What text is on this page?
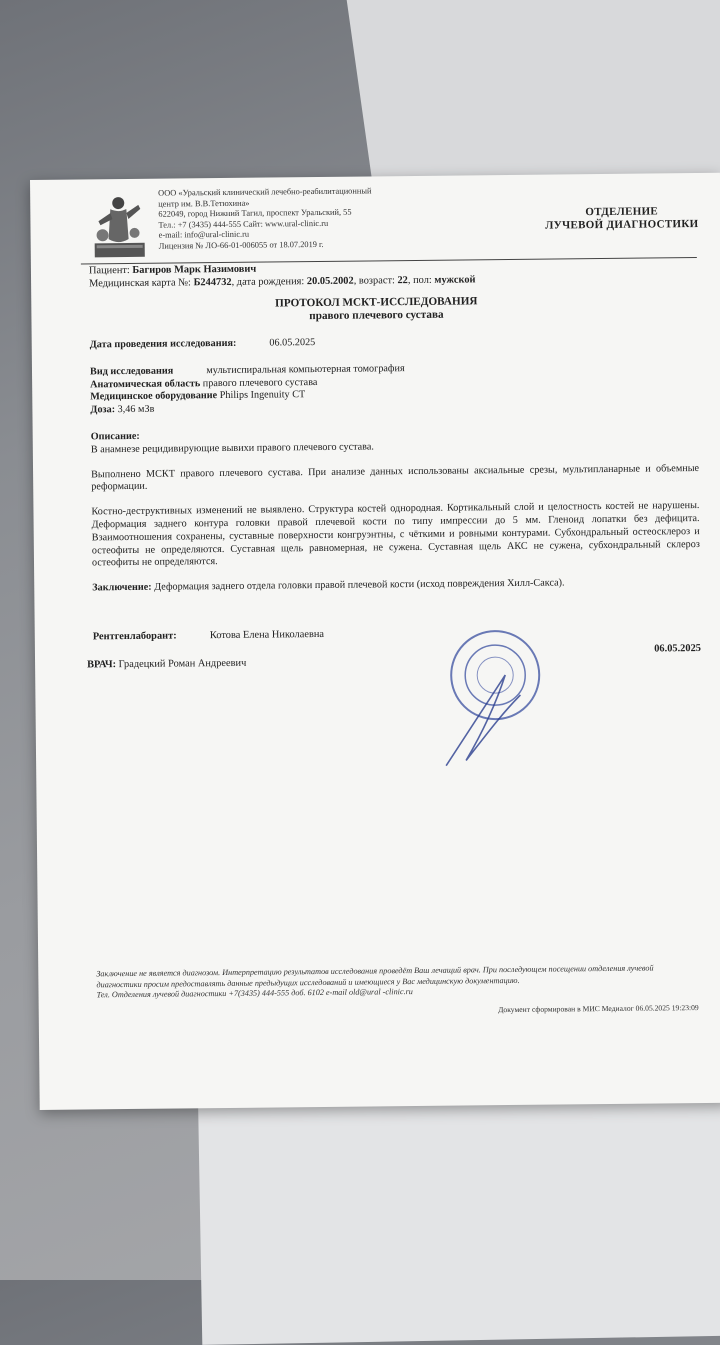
ООО «Уральский клинический лечебно-реабилитационный
центр им. В.В.Тетюхина»
622049, город Нижний Тагил, проспект Уральский, 55
Тел.: +7 (3435) 444-555 Сайт: www.ural-clinic.ru
e-mail: info@ural-clinic.ru
Лицензия № ЛО-66-01-006055 от 18.07.2019 г.
ОТДЕЛЕНИЕ
ЛУЧЕВОЙ ДИАГНОСТИКИ
Пациент: Багиров Марк Назимович
Медицинская карта №: Б244732, дата рождения: 20.05.2002, возраст: 22, пол: мужской
ПРОТОКОЛ МСКТ-ИССЛЕДОВАНИЯ
правого плечевого сустава

Дата проведения исследования:	06.05.2025

Вид исследования	мультиспиральная компьютерная томография

Анатомическая область правого плечевого сустава

Медицинское оборудование Philips Ingenuity CT

Доза: 3,46 мЗв

Описание:

В анамнезе рецидивирующие вывихи правого плечевого сустава.

Выполнено МСКТ правого плечевого сустава. При анализе данных использованы аксиальные срезы, мультипланарные и объемные реформации.

Костно-деструктивных изменений не выявлено. Структура костей однородная. Кортикальный слой и целостность костей не нарушены. Деформация заднего контура головки правой плечевой кости по типу импрессии до 5 мм. Гленоид лопатки без дефицита. Взаимоотношения сохранены, суставные поверхности конгруэнтны, с чёткими и ровными контурами. Субхондральный остеосклероз и остеофиты не определяются. Суставная щель равномерная, не сужена. Суставная щель АКС не сужена, субхондральный склероз остеофиты не определяются.

Заключение: Деформация заднего отдела головки правой плечевой кости (исход повреждения Хилл-Сакса).

Рентгенлаборант:	Котова Елена Николаевна
ВРАЧ: Градецкий Роман Андреевич
06.05.2025
Заключение не является диагнозом. Интерпретацию результатов исследования проведёт Ваш лечащий врач. При последующем посещении отделения лучевой диагностики просим предоставлять данные предыдущих исследований и имеющиеся у Вас медицинскую документацию.
Тел. Отделения лучевой диагностики +7(3435) 444-555 доб. 6102 e-mail old@ural -clinic.ru
Документ сформирован в МИС Медиалог 06.05.2025 19:23:09
